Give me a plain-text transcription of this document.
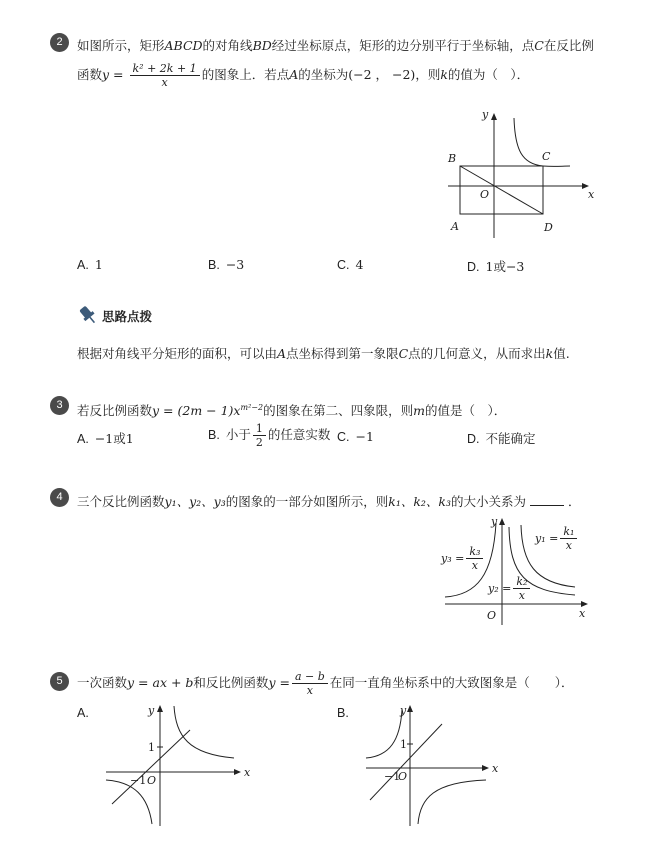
2	如图所示，矩形ABCD的对角线BD经过坐标原点，矩形的边分别平行于坐标轴，点C在反比例
函数$y = \frac{\text{k² + 2k + 1}}{x}$ 的图象上．若点A的坐标为(−2 ， −2)，则k的值为（　）．
y
B	C
O	x
A	D
A. 1	B. −3	C. 4	D. 1或−3
思路点拨
根据对角线平分矩形的面积，可以由A点坐标得到第一象限C点的几何意义，从而求出k值.
3	若反比例函数$y = (2m - 1)x^{m^2-2}$的图象在第二、四象限，则m的值是（　）．
A. −1或1	B. 小于 $\frac{1}{2}$ 的任意实数 C. −1	D. 不能确定
4	三个反比例函数y₁、y₂、y₃的图象的一部分如图所示，则k₁、k₂、k₃的大小关系为	．
y
x
O
$y_1 = \frac{\text{k₁}}{x}$
$y_3 = \frac{\text{k₃}}{x}$
$y_2 = \frac{\text{k₂}}{x}$
5	一次函数y = ax + b和反比例函数$y = \frac{a - b}{x}$ 在同一直角坐标系中的大致图象是（　　）．
A.	B.
y
1
−1 O
x
y
1
−1
O
x
